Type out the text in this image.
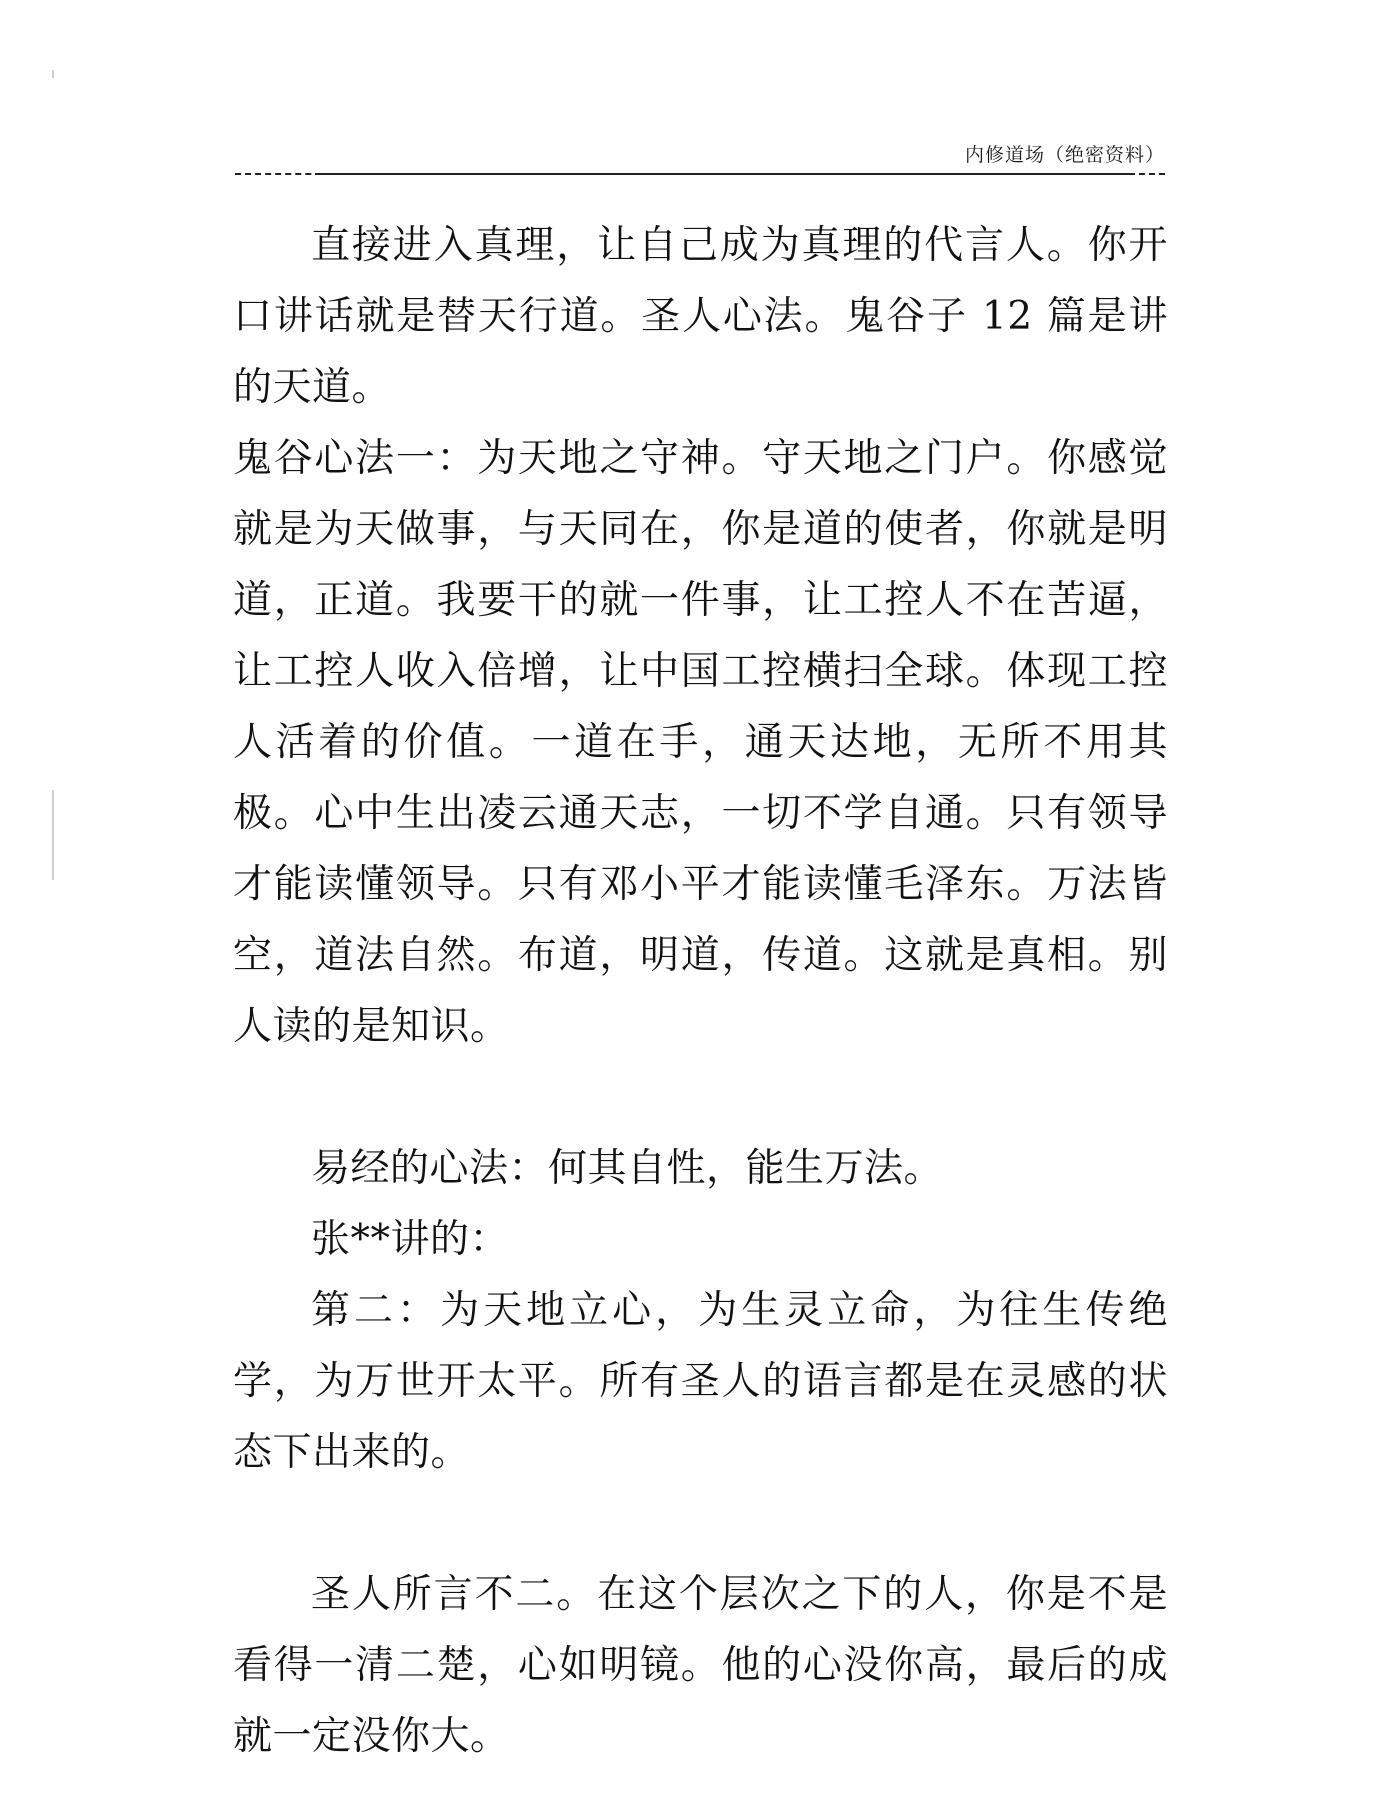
内修道场（绝密资料）

直接进入真理，让自己成为真理的代言人。你开口讲话就是替天行道。圣人心法。鬼谷子 12 篇是讲的天道。

鬼谷心法一：为天地之守神。守天地之门户。你感觉就是为天做事，与天同在，你是道的使者，你就是明道，正道。我要干的就一件事，让工控人不在苦逼，让工控人收入倍增，让中国工控横扫全球。体现工控人活着的价值。一道在手，通天达地，无所不用其极。心中生出凌云通天志，一切不学自通。只有领导才能读懂领导。只有邓小平才能读懂毛泽东。万法皆空，道法自然。布道，明道，传道。这就是真相。别人读的是知识。

易经的心法：何其自性，能生万法。

张**讲的：

第二：为天地立心，为生灵立命，为往生传绝学，为万世开太平。所有圣人的语言都是在灵感的状态下出来的。

圣人所言不二。在这个层次之下的人，你是不是看得一清二楚，心如明镜。他的心没你高，最后的成就一定没你大。
